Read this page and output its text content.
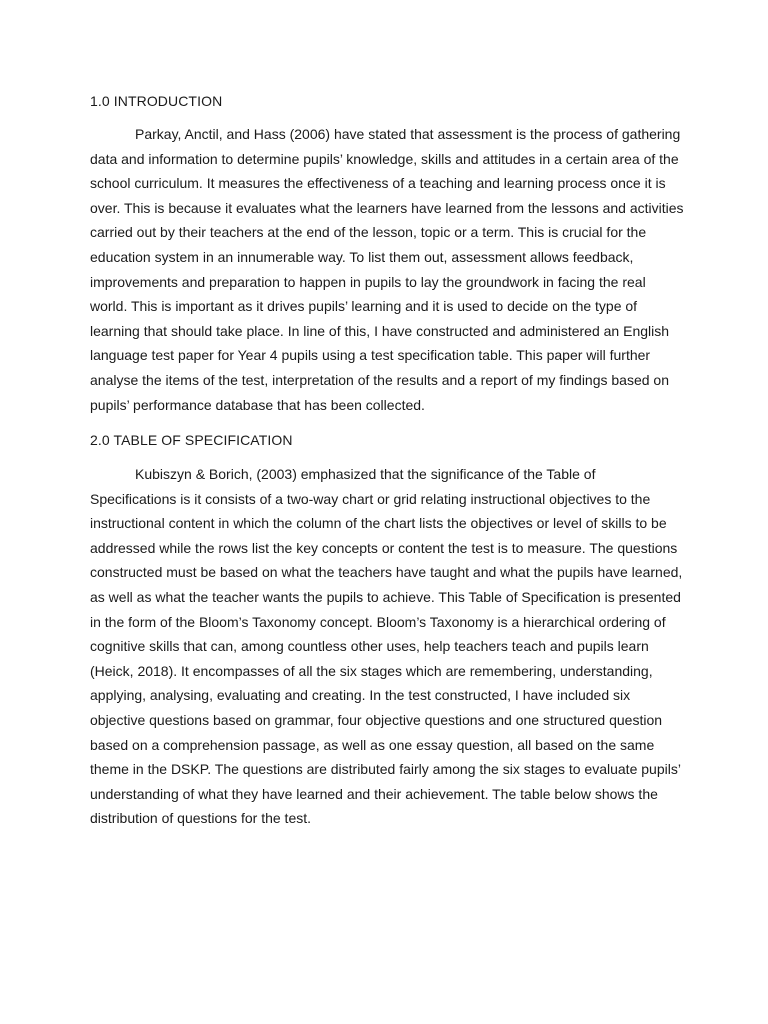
1.0 INTRODUCTION
Parkay, Anctil, and Hass (2006) have stated that assessment is the process of gathering
data and information to determine pupils’ knowledge, skills and attitudes in a certain area of the
school curriculum. It measures the effectiveness of a teaching and learning process once it is
over. This is because it evaluates what the learners have learned from the lessons and activities
carried out by their teachers at the end of the lesson, topic or a term. This is crucial for the
education system in an innumerable way. To list them out, assessment allows feedback,
improvements and preparation to happen in pupils to lay the groundwork in facing the real
world. This is important as it drives pupils’ learning and it is used to decide on the type of
learning that should take place. In line of this, I have constructed and administered an English
language test paper for Year 4 pupils using a test specification table. This paper will further
analyse the items of the test, interpretation of the results and a report of my findings based on
pupils’ performance database that has been collected.
2.0 TABLE OF SPECIFICATION
Kubiszyn & Borich, (2003) emphasized that the significance of the Table of
Specifications is it consists of a two-way chart or grid relating instructional objectives to the
instructional content in which the column of the chart lists the objectives or level of skills to be
addressed while the rows list the key concepts or content the test is to measure. The questions
constructed must be based on what the teachers have taught and what the pupils have learned,
as well as what the teacher wants the pupils to achieve. This Table of Specification is presented
in the form of the Bloom’s Taxonomy concept. Bloom’s Taxonomy is a hierarchical ordering of
cognitive skills that can, among countless other uses, help teachers teach and pupils learn
(Heick, 2018). It encompasses of all the six stages which are remembering, understanding,
applying, analysing, evaluating and creating. In the test constructed, I have included six
objective questions based on grammar, four objective questions and one structured question
based on a comprehension passage, as well as one essay question, all based on the same
theme in the DSKP. The questions are distributed fairly among the six stages to evaluate pupils’
understanding of what they have learned and their achievement. The table below shows the
distribution of questions for the test.
